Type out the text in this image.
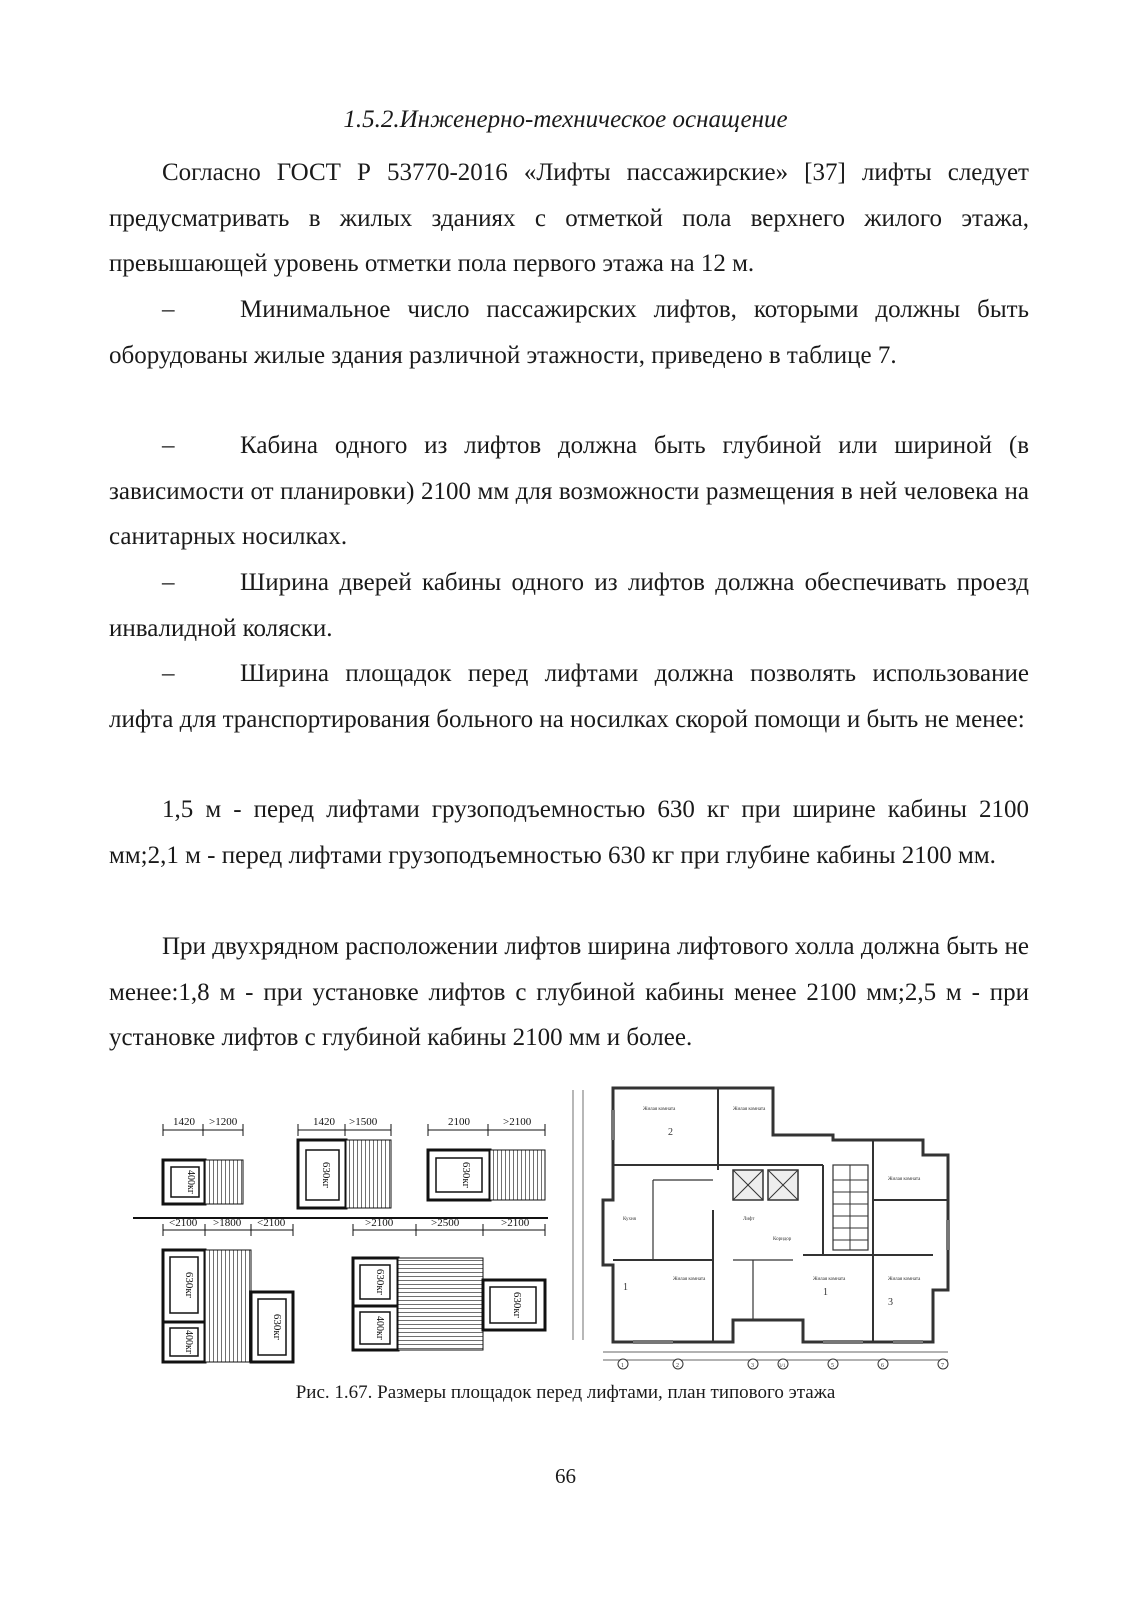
1.5.2.Инженерно-техническое оснащение

Согласно ГОСТ Р 53770-2016 «Лифты пассажирские» [37] лифты следует предусматривать в жилых зданиях с отметкой пола верхнего жилого этажа, превышающей уровень отметки пола первого этажа на 12 м.

–	Минимальное число пассажирских лифтов, которыми должны быть оборудованы жилые здания различной этажности, приведено в таблице 7.

–	Кабина одного из лифтов должна быть глубиной или шириной (в зависимости от планировки) 2100 мм для возможности размещения в ней человека на санитарных носилках.

–	Ширина дверей кабины одного из лифтов должна обеспечивать проезд инвалидной коляски.

–	Ширина площадок перед лифтами должна позволять использование лифта для транспортирования больного на носилках скорой помощи и быть не менее:

1,5 м - перед лифтами грузоподъемностью 630 кг при ширине кабины 2100 мм;2,1 м - перед лифтами грузоподъемностью 630 кг при глубине кабины 2100 мм.

При двухрядном расположении лифтов ширина лифтового холла должна быть не менее:1,8 м - при установке лифтов с глубиной кабины менее 2100 мм;2,5 м - при установке лифтов с глубиной кабины 2100 мм и более.

1420 >1200	1420 >1500	2100	>2100
<2100 >1800 <2100	>2100	>2500	>2100
400кг	630кг	630кг
630кг
400кг
630кг
630кг
400кг
630кг
Жилая комната	Жилая комната
Жилая комната
Кухня
Жилая комната	Жилая комната	Жилая комната
Лифт
Коридор
2
1	1
3
1	2	3	3/1	5	6	7
Рис. 1.67. Размеры площадок перед лифтами, план типового этажа
66
